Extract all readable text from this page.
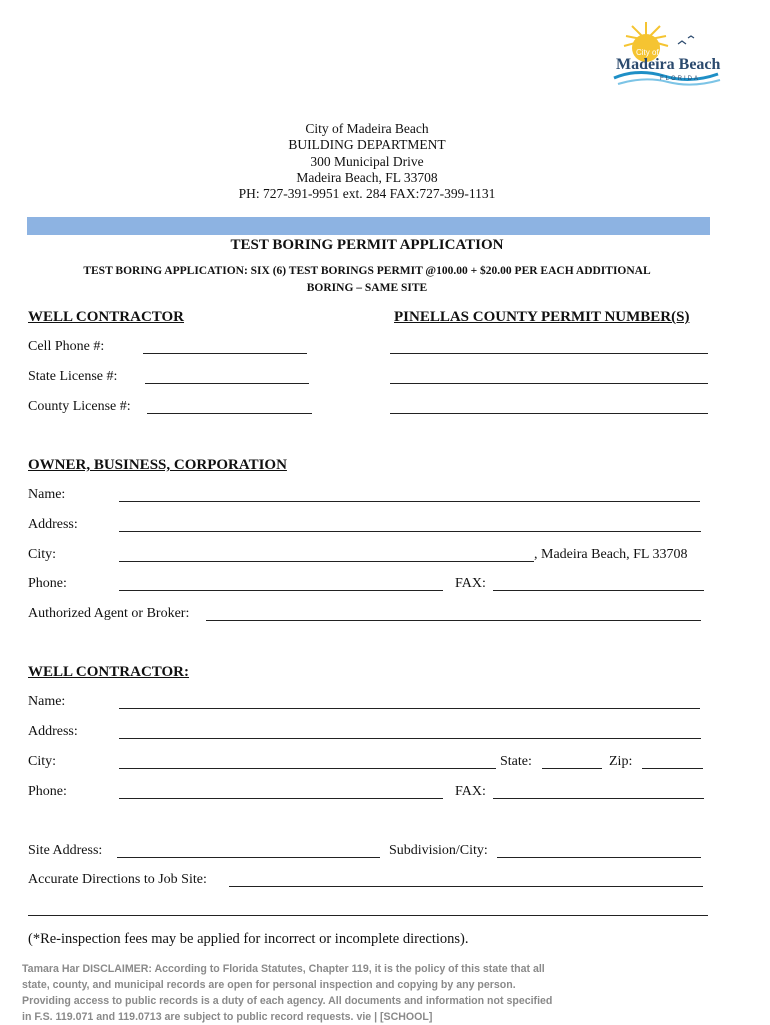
City of
Madeira Beach
FLORIDA
City of Madeira Beach
BUILDING DEPARTMENT
300 Municipal Drive
Madeira Beach, FL 33708
PH: 727-391-9951 ext. 284 FAX:727-399-1131
TEST BORING PERMIT APPLICATION
TEST BORING APPLICATION: SIX (6) TEST BORINGS PERMIT @100.00 + $20.00 PER EACH ADDITIONAL
BORING – SAME SITE
WELL CONTRACTOR	PINELLAS COUNTY PERMIT NUMBER(S)
Cell Phone #:
State License #:
County License #:
OWNER, BUSINESS, CORPORATION
Name:
Address:
City:	, Madeira Beach, FL 33708
Phone:	FAX:
Authorized Agent or Broker:
WELL CONTRACTOR:
Name:
Address:
City:	State:	Zip:
Phone:	FAX:
Site Address:	Subdivision/City:
Accurate Directions to Job Site:
(*Re-inspection fees may be applied for incorrect or incomplete directions).
Tamara Har DISCLAIMER: According to Florida Statutes, Chapter 119, it is the policy of this state that all state, county, and municipal records are open for personal inspection and copying by any person. Providing access to public records is a duty of each agency. All documents and information not specified in F.S. 119.071 and 119.0713 are subject to public record requests. vie | [SCHOOL]
